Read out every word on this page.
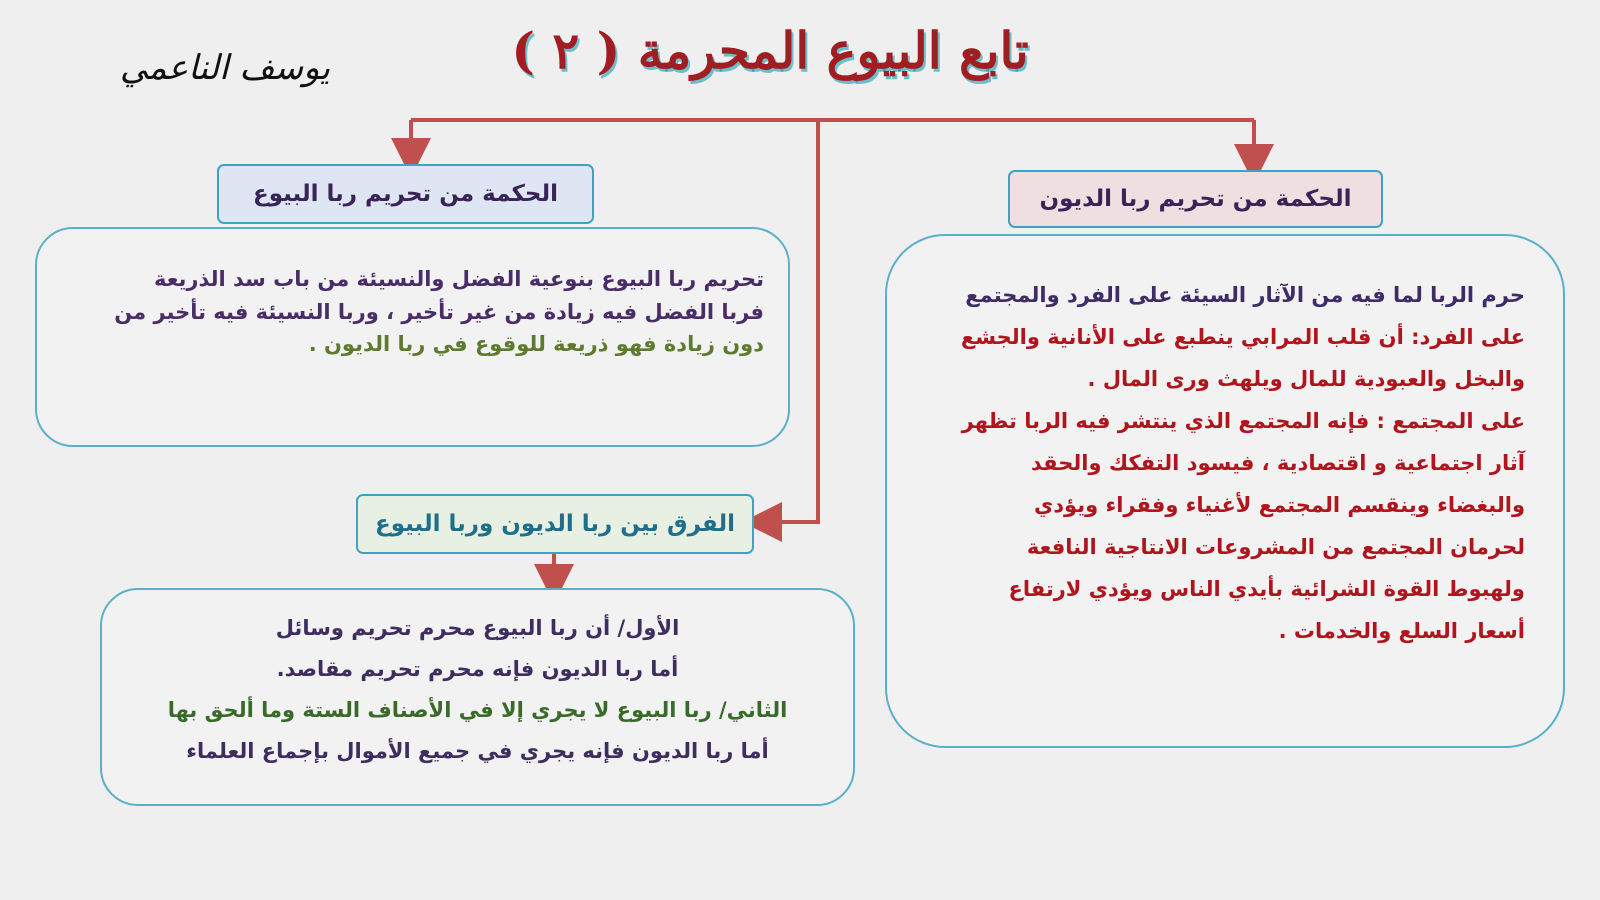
تابع البيوع المحرمة ( ٢ )
يوسف الناعمي
الحكمة من تحريم ربا البيوع	الحكمة من تحريم ربا الديون
الفرق بين ربا الديون وربا البيوع
تحريم ربا البيوع بنوعية الفضل والنسيئة من باب سد الذريعة
فربا الفضل فيه زيادة من غير تأخير ، وربا النسيئة فيه تأخير من
دون زيادة فهو ذريعة للوقوع في ربا الديون .
حرم الربا لما فيه من الآثار السيئة على الفرد والمجتمع
على الفرد: أن قلب المرابي ينطبع على الأنانية والجشع
والبخل والعبودية للمال ويلهث ورى المال .
على المجتمع : فإنه المجتمع الذي ينتشر فيه الربا تظهر
آثار اجتماعية و اقتصادية ، فيسود التفكك والحقد
والبغضاء وينقسم المجتمع لأغنياء وفقراء ويؤدي
لحرمان المجتمع من المشروعات الانتاجية النافعة
ولهبوط القوة الشرائية بأيدي الناس ويؤدي لارتفاع
أسعار السلع والخدمات .
الأول/ أن ربا البيوع محرم تحريم وسائل
أما ربا الديون فإنه محرم تحريم مقاصد.
الثاني/ ربا البيوع لا يجري إلا في الأصناف الستة وما ألحق بها
أما ربا الديون فإنه يجري في جميع الأموال بإجماع العلماء
